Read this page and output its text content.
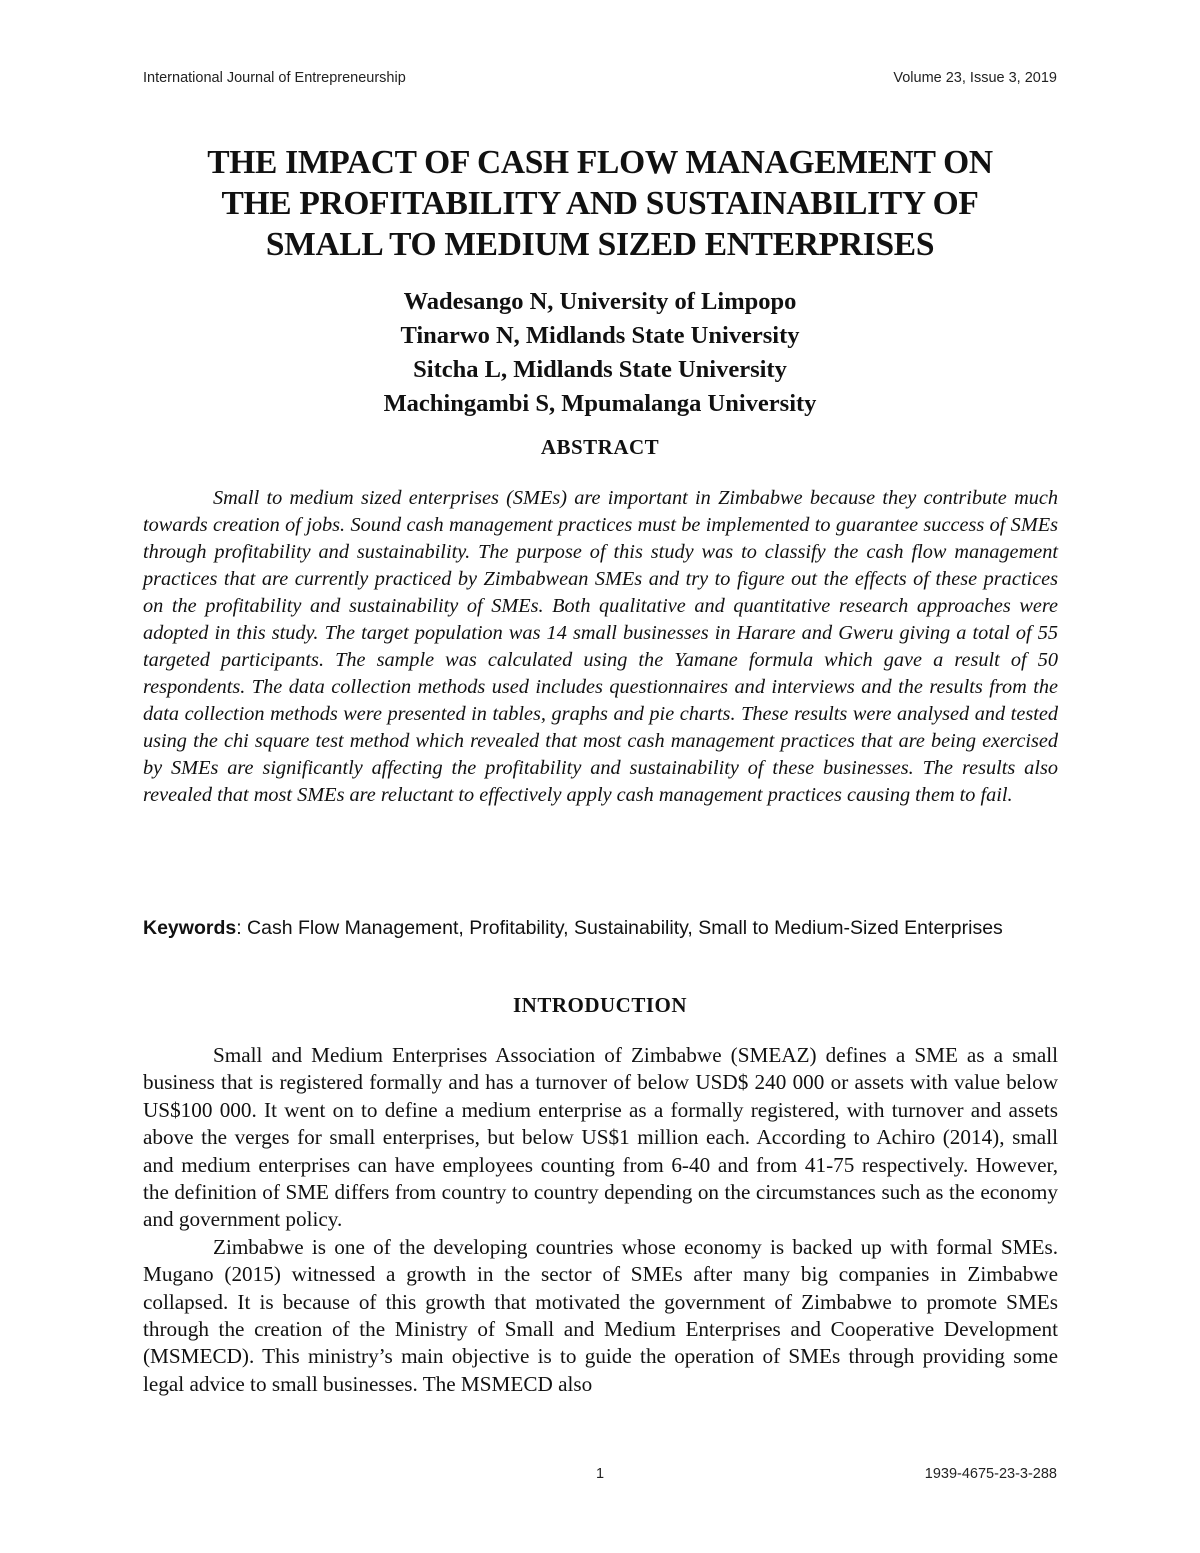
International Journal of Entrepreneurship	Volume 23, Issue 3, 2019
THE IMPACT OF CASH FLOW MANAGEMENT ON
THE PROFITABILITY AND SUSTAINABILITY OF
SMALL TO MEDIUM SIZED ENTERPRISES
Wadesango N, University of Limpopo
Tinarwo N, Midlands State University
Sitcha L, Midlands State University
Machingambi S, Mpumalanga University
ABSTRACT

Small to medium sized enterprises (SMEs) are important in Zimbabwe because they contribute much towards creation of jobs. Sound cash management practices must be implemented to guarantee success of SMEs through profitability and sustainability. The purpose of this study was to classify the cash flow management practices that are currently practiced by Zimbabwean SMEs and try to figure out the effects of these practices on the profitability and sustainability of SMEs. Both qualitative and quantitative research approaches were adopted in this study. The target population was 14 small businesses in Harare and Gweru giving a total of 55 targeted participants. The sample was calculated using the Yamane formula which gave a result of 50 respondents. The data collection methods used includes questionnaires and interviews and the results from the data collection methods were presented in tables, graphs and pie charts. These results were analysed and tested using the chi square test method which revealed that most cash management practices that are being exercised by SMEs are significantly affecting the profitability and sustainability of these businesses. The results also revealed that most SMEs are reluctant to effectively apply cash management practices causing them to fail.

Keywords: Cash Flow Management, Profitability, Sustainability, Small to Medium-Sized Enterprises
INTRODUCTION

Small and Medium Enterprises Association of Zimbabwe (SMEAZ) defines a SME as a small business that is registered formally and has a turnover of below USD$ 240 000 or assets with value below US$100 000. It went on to define a medium enterprise as a formally registered, with turnover and assets above the verges for small enterprises, but below US$1 million each. According to Achiro (2014), small and medium enterprises can have employees counting from 6-40 and from 41-75 respectively. However, the definition of SME differs from country to country depending on the circumstances such as the economy and government policy.

Zimbabwe is one of the developing countries whose economy is backed up with formal SMEs. Mugano (2015) witnessed a growth in the sector of SMEs after many big companies in Zimbabwe collapsed. It is because of this growth that motivated the government of Zimbabwe to promote SMEs through the creation of the Ministry of Small and Medium Enterprises and Cooperative Development (MSMECD). This ministry’s main objective is to guide the operation of SMEs through providing some legal advice to small businesses. The MSMECD also

1	1939-4675-23-3-288
